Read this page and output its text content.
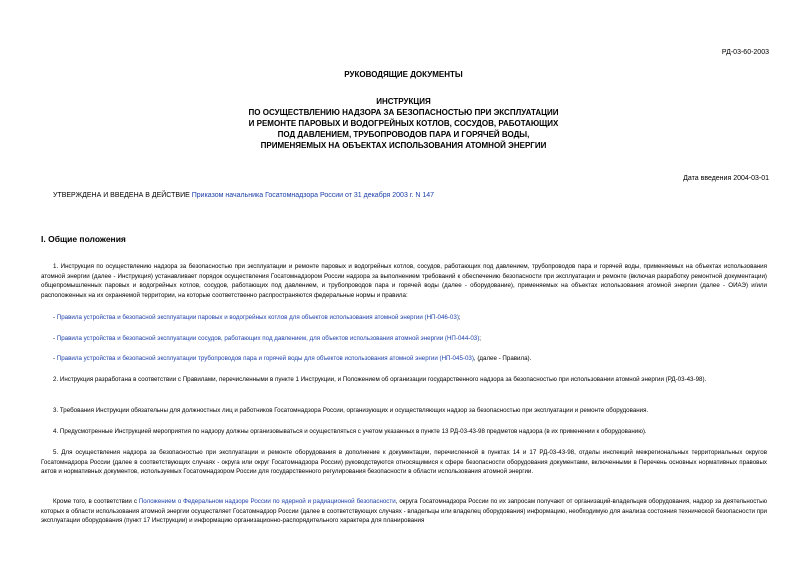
РД-03-60-2003
РУКОВОДЯЩИЕ ДОКУМЕНТЫ
ИНСТРУКЦИЯ
ПО ОСУЩЕСТВЛЕНИЮ НАДЗОРА ЗА БЕЗОПАСНОСТЬЮ ПРИ ЭКСПЛУАТАЦИИ
И РЕМОНТЕ ПАРОВЫХ И ВОДОГРЕЙНЫХ КОТЛОВ, СОСУДОВ, РАБОТАЮЩИХ
ПОД ДАВЛЕНИЕМ, ТРУБОПРОВОДОВ ПАРА И ГОРЯЧЕЙ ВОДЫ,
ПРИМЕНЯЕМЫХ НА ОБЪЕКТАХ ИСПОЛЬЗОВАНИЯ АТОМНОЙ ЭНЕРГИИ
Дата введения 2004-03-01
УТВЕРЖДЕНА И ВВЕДЕНА В ДЕЙСТВИЕ Приказом начальника Госатомнадзора России от 31 декабря 2003 г. N 147
I. Общие положения
1. Инструкция по осуществлению надзора за безопасностью при эксплуатации и ремонте паровых и водогрейных котлов, сосудов, работающих под давлением, трубопроводов пара и горячей воды, применяемых на объектах использования атомной энергии (далее - Инструкция) устанавливает порядок осуществления Госатомнадзором России надзора за выполнением требований к обеспечению безопасности при эксплуатации и ремонте (включая разработку ремонтной документации) общепромышленных паровых и водогрейных котлов, сосудов, работающих под давлением, и трубопроводов пара и горячей воды (далее - оборудование), применяемых на объектах использования атомной энергии (далее - ОИАЭ) и/или расположенных на их охраняемой территории, на которые соответственно распространяются федеральные нормы и правила:
- Правила устройства и безопасной эксплуатации паровых и водогрейных котлов для объектов использования атомной энергии (НП-046-03);
- Правила устройства и безопасной эксплуатации сосудов, работающих под давлением, для объектов использования атомной энергии (НП-044-03);
- Правила устройства и безопасной эксплуатации трубопроводов пара и горячей воды для объектов использования атомной энергии (НП-045-03), (далее - Правила).
2. Инструкция разработана в соответствии с Правилами, перечисленными в пункте 1 Инструкции, и Положением об организации государственного надзора за безопасностью при использовании атомной энергии (РД-03-43-98).
3. Требования Инструкции обязательны для должностных лиц и работников Госатомнадзора России, организующих и осуществляющих надзор за безопасностью при эксплуатации и ремонте оборудования.
4. Предусмотренные Инструкцией мероприятия по надзору должны организовываться и осуществляться с учетом указанных в пункте 13 РД-03-43-98 предметов надзора (в их применении к оборудованию).
5. Для осуществления надзора за безопасностью при эксплуатации и ремонте оборудования в дополнение к документации, перечисленной в пунктах 14 и 17 РД-03-43-98, отделы инспекций межрегиональных территориальных округов Госатомнадзора России (далее в соответствующих случаях - округа или округ Госатомнадзора России) руководствуются относящимися к сфере безопасности оборудования документами, включенными в Перечень основных нормативных правовых актов и нормативных документов, используемых Госатомнадзором России для государственного регулирования безопасности в области использования атомной энергии.
Кроме того, в соответствии с Положением о Федеральном надзоре России по ядерной и радиационной безопасности, округа Госатомнадзора России по их запросам получают от организаций-владельцев оборудования, надзор за деятельностью которых в области использования атомной энергии осуществляет Госатомнадзор России (далее в соответствующих случаях - владельцы или владелец оборудования) информацию, необходимую для анализа состояния технической безопасности при эксплуатации оборудования (пункт 17 Инструкции) и информацию организационно-распорядительного характера для планирования
